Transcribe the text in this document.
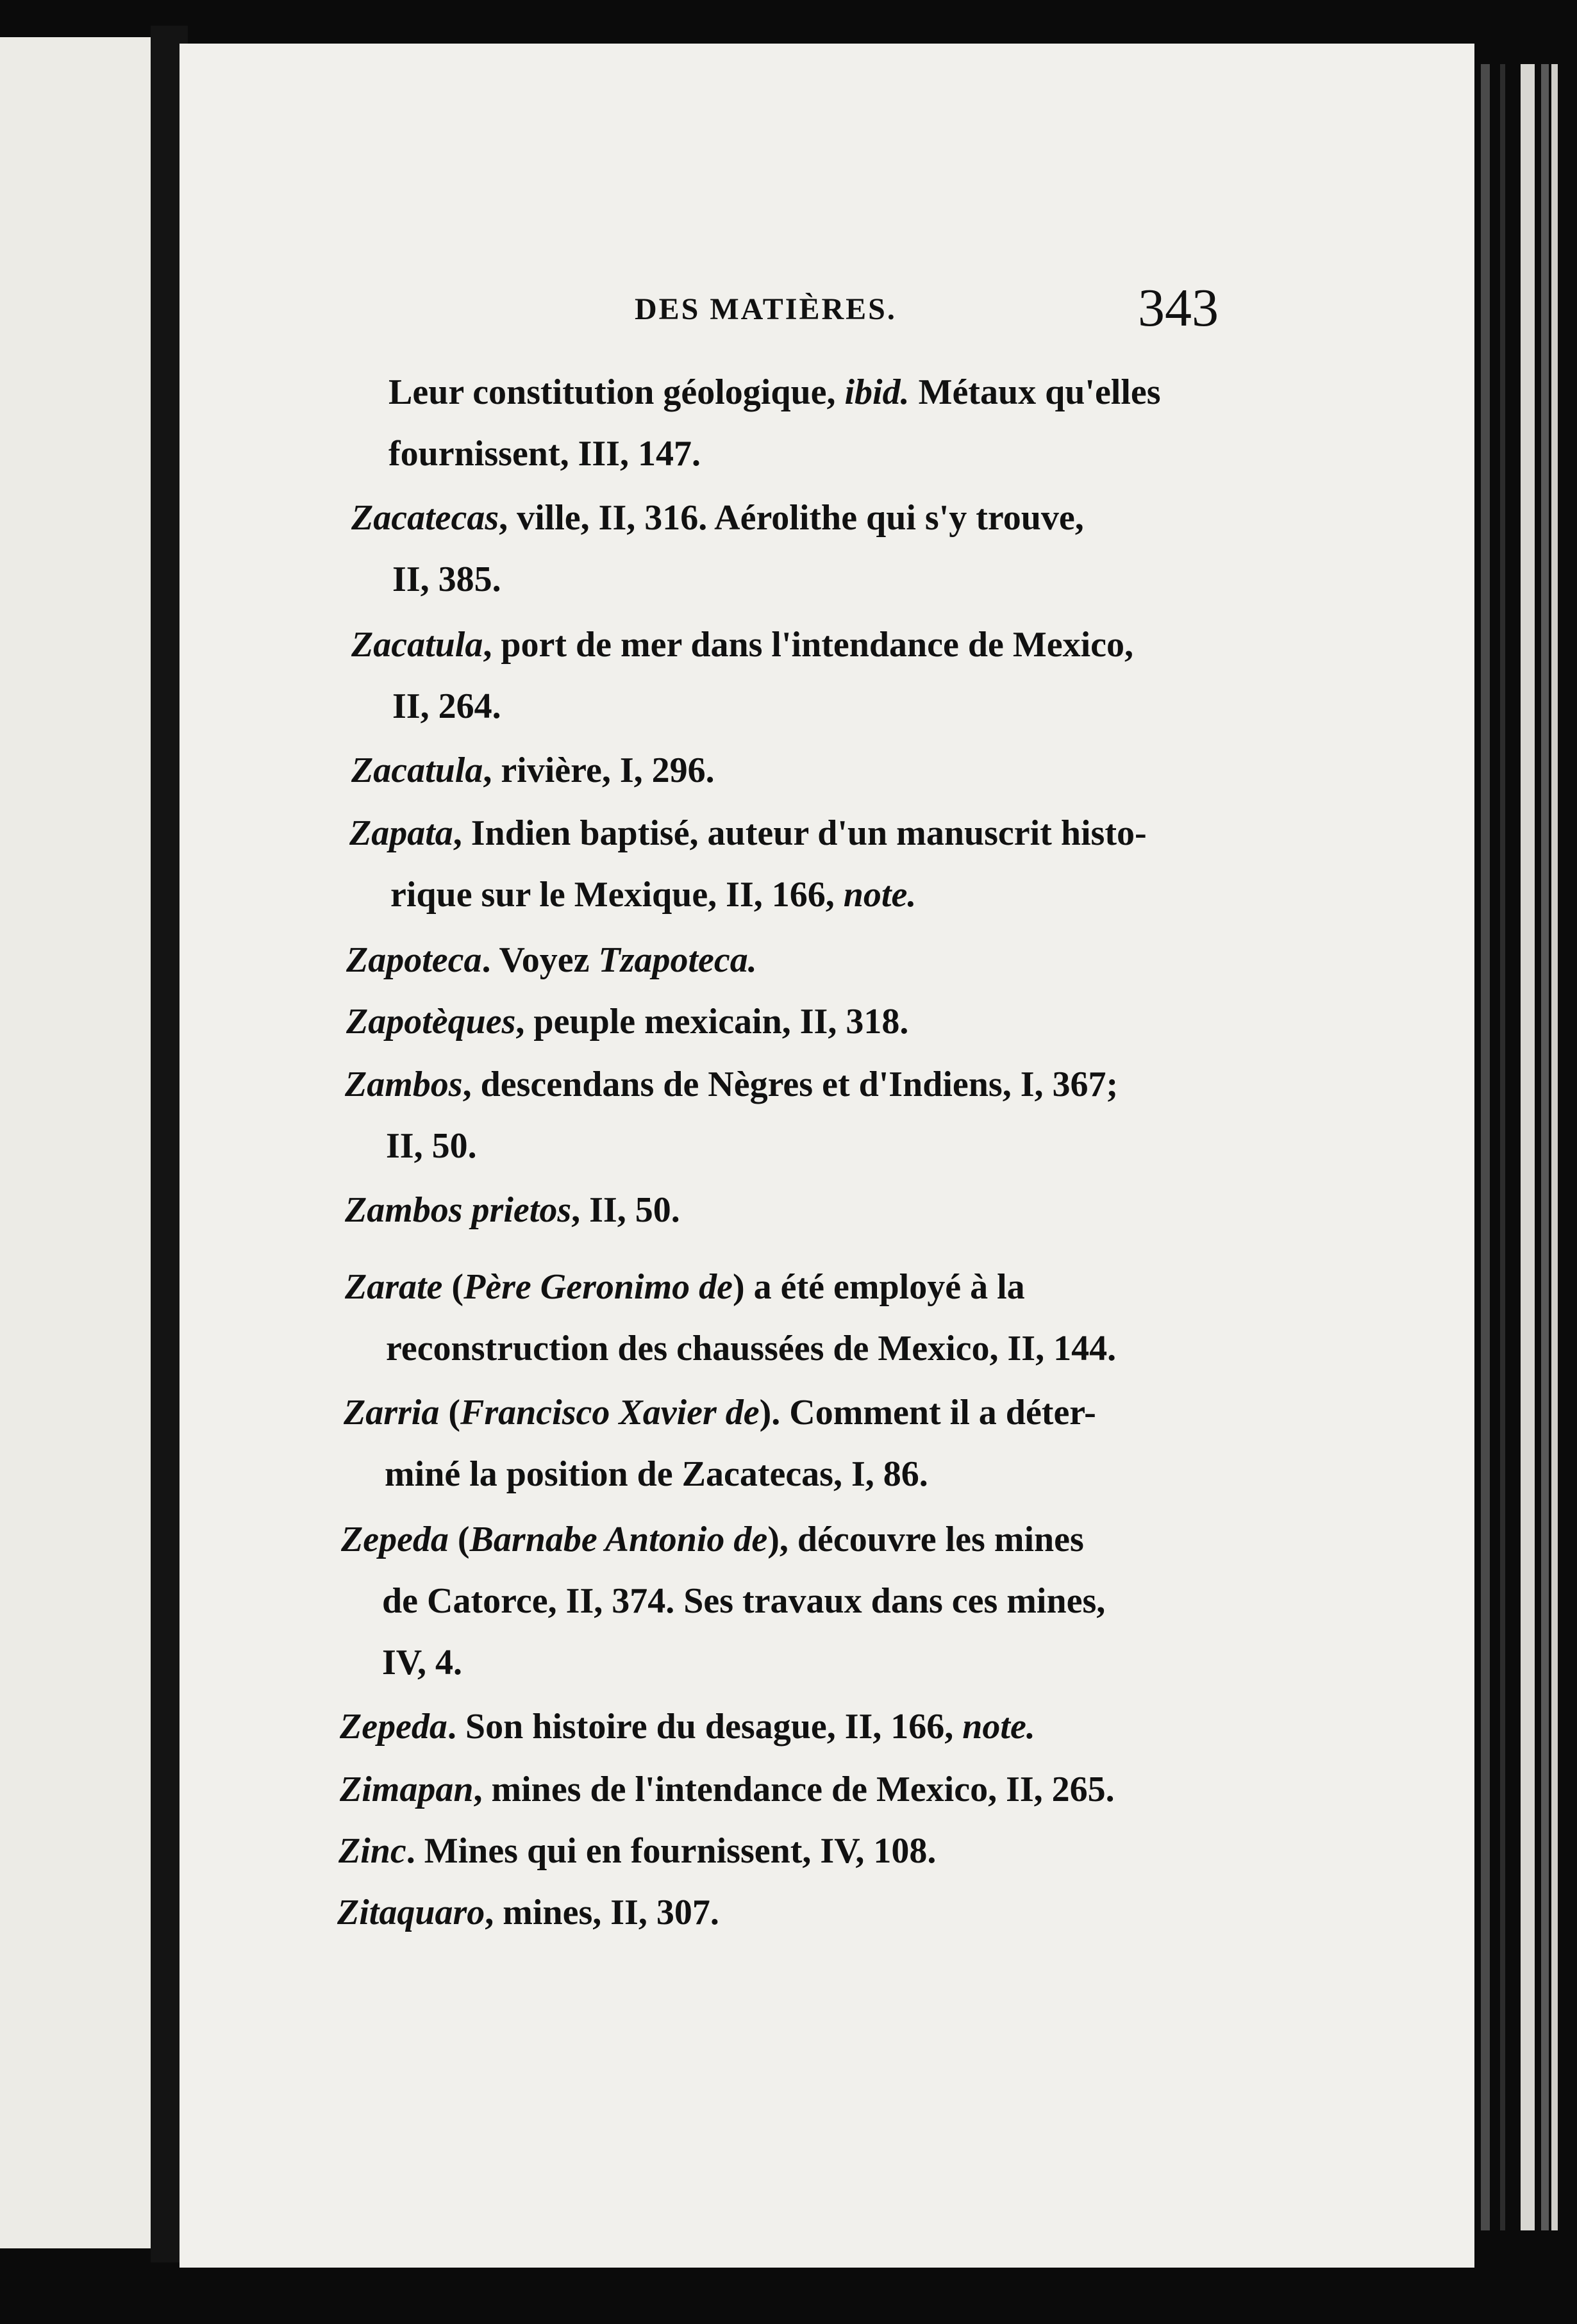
DES MATIÈRES.	343
Leur constitution géologique, ibid. Métaux qu'elles
fournissent, III, 147.
Zacatecas, ville, II, 316. Aérolithe qui s'y trouve,
II, 385.
Zacatula, port de mer dans l'intendance de Mexico,
II, 264.
Zacatula, rivière, I, 296.
Zapata, Indien baptisé, auteur d'un manuscrit histo-
rique sur le Mexique, II, 166, note.
Zapoteca. Voyez Tzapoteca.
Zapotèques, peuple mexicain, II, 318.
Zambos, descendans de Nègres et d'Indiens, I, 367;
II, 50.
Zambos prietos, II, 50.
Zarate (Père Geronimo de) a été employé à la
reconstruction des chaussées de Mexico, II, 144.
Zarria (Francisco Xavier de). Comment il a déter-
miné la position de Zacatecas, I, 86.
Zepeda (Barnabe Antonio de), découvre les mines
de Catorce, II, 374. Ses travaux dans ces mines,
IV, 4.
Zepeda. Son histoire du desague, II, 166, note.
Zimapan, mines de l'intendance de Mexico, II, 265.
Zinc. Mines qui en fournissent, IV, 108.
Zitaquaro, mines, II, 307.
